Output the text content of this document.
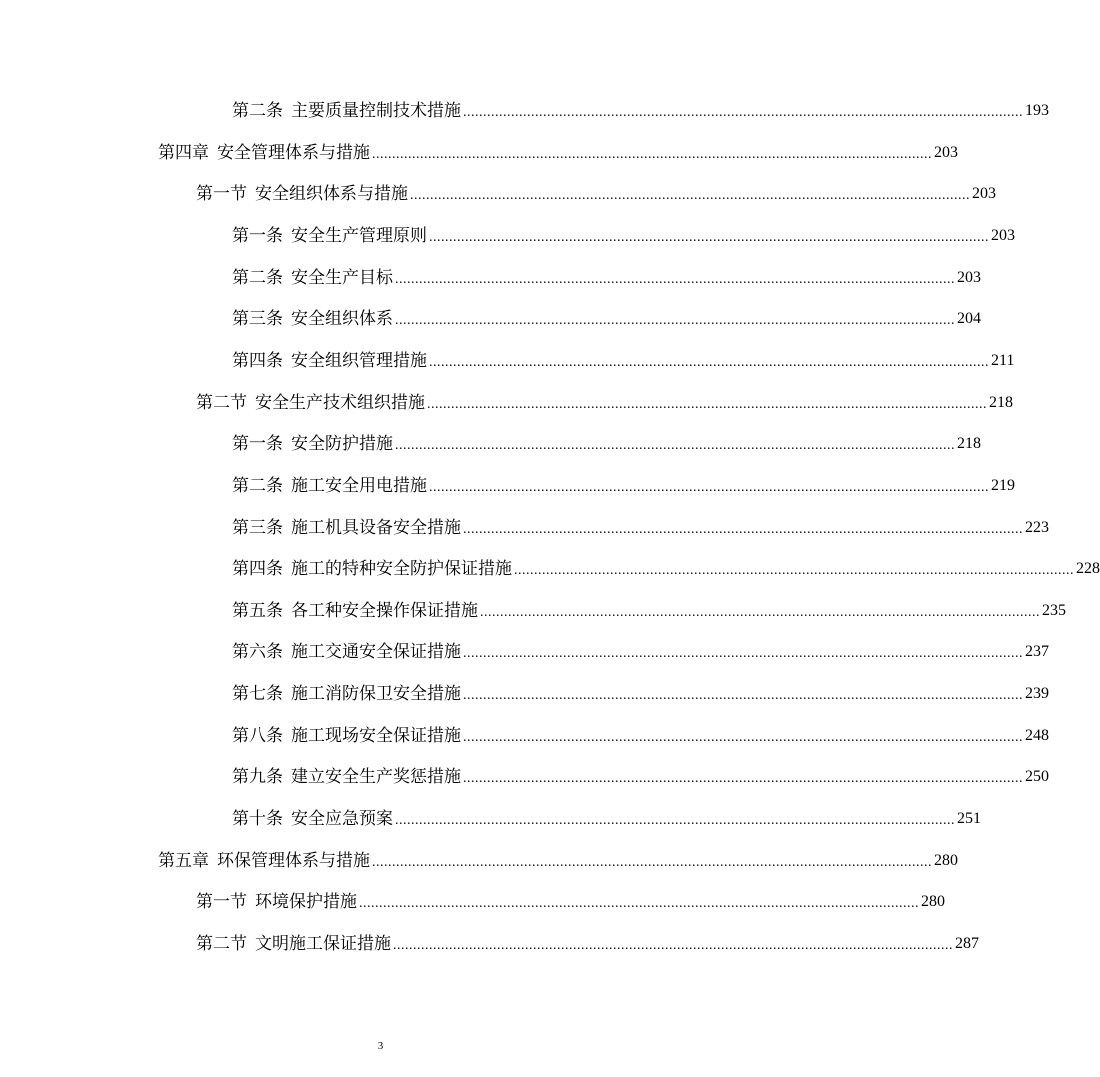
第二条 主要质量控制技术措施 ............................................................................................................................................ 193
第四章 安全管理体系与措施 ............................................................................................................................................ 203
第一节 安全组织体系与措施 ............................................................................................................................................ 203
第一条 安全生产管理原则 ............................................................................................................................................ 203
第二条 安全生产目标 ............................................................................................................................................ 203
第三条 安全组织体系 ............................................................................................................................................ 204
第四条 安全组织管理措施 ............................................................................................................................................ 211
第二节 安全生产技术组织措施 ............................................................................................................................................ 218
第一条 安全防护措施 ............................................................................................................................................ 218
第二条 施工安全用电措施 ............................................................................................................................................ 219
第三条 施工机具设备安全措施 ............................................................................................................................................ 223
第四条 施工的特种安全防护保证措施 ............................................................................................................................................ 228
第五条 各工种安全操作保证措施 ............................................................................................................................................ 235
第六条 施工交通安全保证措施 ............................................................................................................................................ 237
第七条 施工消防保卫安全措施 ............................................................................................................................................ 239
第八条 施工现场安全保证措施 ............................................................................................................................................ 248
第九条 建立安全生产奖惩措施 ............................................................................................................................................ 250
第十条 安全应急预案 ............................................................................................................................................ 251
第五章 环保管理体系与措施 ............................................................................................................................................ 280
第一节 环境保护措施 ............................................................................................................................................ 280
第二节 文明施工保证措施 ............................................................................................................................................ 287
3
